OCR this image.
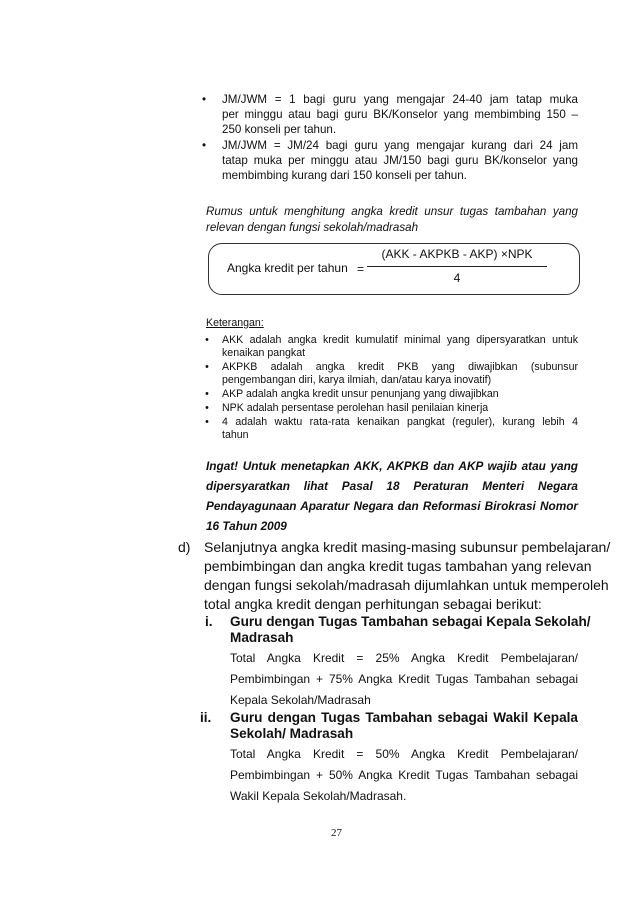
• JM/JWM = 1 bagi guru yang mengajar 24-40 jam tatap muka
per minggu atau bagi guru BK/Konselor yang membimbing 150 –
250 konseli per tahun.
• JM/JWM = JM/24 bagi guru yang mengajar kurang dari 24 jam
tatap muka per minggu atau JM/150 bagi guru BK/konselor yang
membimbing kurang dari 150 konseli per tahun.
Rumus untuk menghitung angka kredit unsur tugas tambahan yang
relevan dengan fungsi sekolah/madrasah
Angka kredit per tahun =
(AKK - AKPKB - AKP) ×NPK
4
Keterangan:
• AKK adalah angka kredit kumulatif minimal yang dipersyaratkan untuk
kenaikan pangkat
• AKPKB adalah angka kredit PKB yang diwajibkan (subunsur
pengembangan diri, karya ilmiah, dan/atau karya inovatif)
• AKP adalah angka kredit unsur penunjang yang diwajibkan
• NPK adalah persentase perolehan hasil penilaian kinerja
• 4 adalah waktu rata-rata kenaikan pangkat (reguler), kurang lebih 4
tahun
Ingat! Untuk menetapkan AKK, AKPKB dan AKP wajib atau yang
dipersyaratkan lihat Pasal 18 Peraturan Menteri Negara
Pendayagunaan Aparatur Negara dan Reformasi Birokrasi Nomor
16 Tahun 2009
d) Selanjutnya angka kredit masing-masing subunsur pembelajaran/
pembimbingan dan angka kredit tugas tambahan yang relevan
dengan fungsi sekolah/madrasah dijumlahkan untuk memperoleh
total angka kredit dengan perhitungan sebagai berikut:
i. Guru dengan Tugas Tambahan sebagai Kepala Sekolah/
Madrasah
Total Angka Kredit = 25% Angka Kredit Pembelajaran/
Pembimbingan + 75% Angka Kredit Tugas Tambahan sebagai
Kepala Sekolah/Madrasah
ii. Guru dengan Tugas Tambahan sebagai Wakil Kepala
Sekolah/ Madrasah
Total Angka Kredit = 50% Angka Kredit Pembelajaran/
Pembimbingan + 50% Angka Kredit Tugas Tambahan sebagai
Wakil Kepala Sekolah/Madrasah.
27
